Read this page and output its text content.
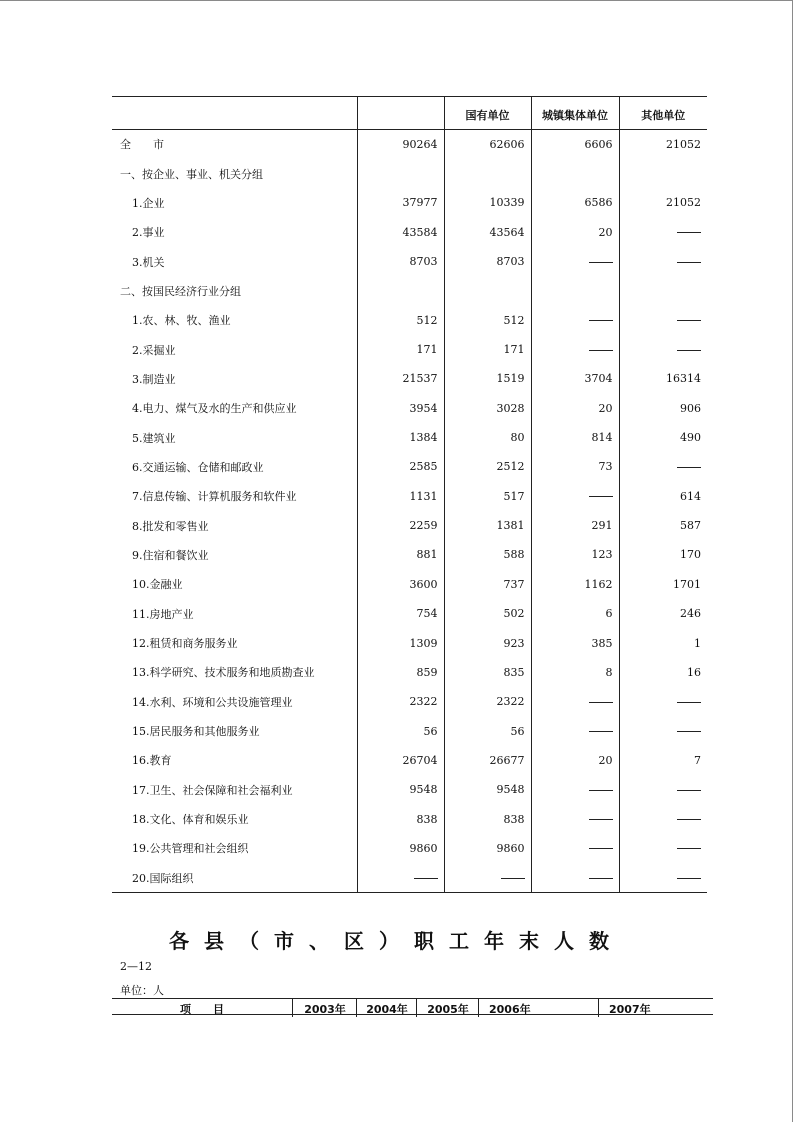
		国有单位	城镇集体单位	其他单位
全　　市	90264	62606	6606	21052
一、按企业、事业、机关分组				
1.企业	37977	10339	6586	21052
2.事业	43584	43564	20	
3.机关	8703	8703		
二、按国民经济行业分组				
1.农、林、牧、渔业	512	512		
2.采掘业	171	171		
3.制造业	21537	1519	3704	16314
4.电力、煤气及水的生产和供应业	3954	3028	20	906
5.建筑业	1384	80	814	490
6.交通运输、仓储和邮政业	2585	2512	73	
7.信息传输、计算机服务和软件业	1131	517		614
8.批发和零售业	2259	1381	291	587
9.住宿和餐饮业	881	588	123	170
10.金融业	3600	737	1162	1701
11.房地产业	754	502	6	246
12.租赁和商务服务业	1309	923	385	1
13.科学研究、技术服务和地质勘查业	859	835	8	16
14.水利、环境和公共设施管理业	2322	2322		
15.居民服务和其他服务业	56	56		
16.教育	26704	26677	20	7
17.卫生、社会保障和社会福利业	9548	9548		
18.文化、体育和娱乐业	838	838		
19.公共管理和社会组织	9860	9860		
20.国际组织				
各县（市、区）职工年末人数
2—12
单位：人
项　　目	2003年	2004年	2005年	2006年	2007年
